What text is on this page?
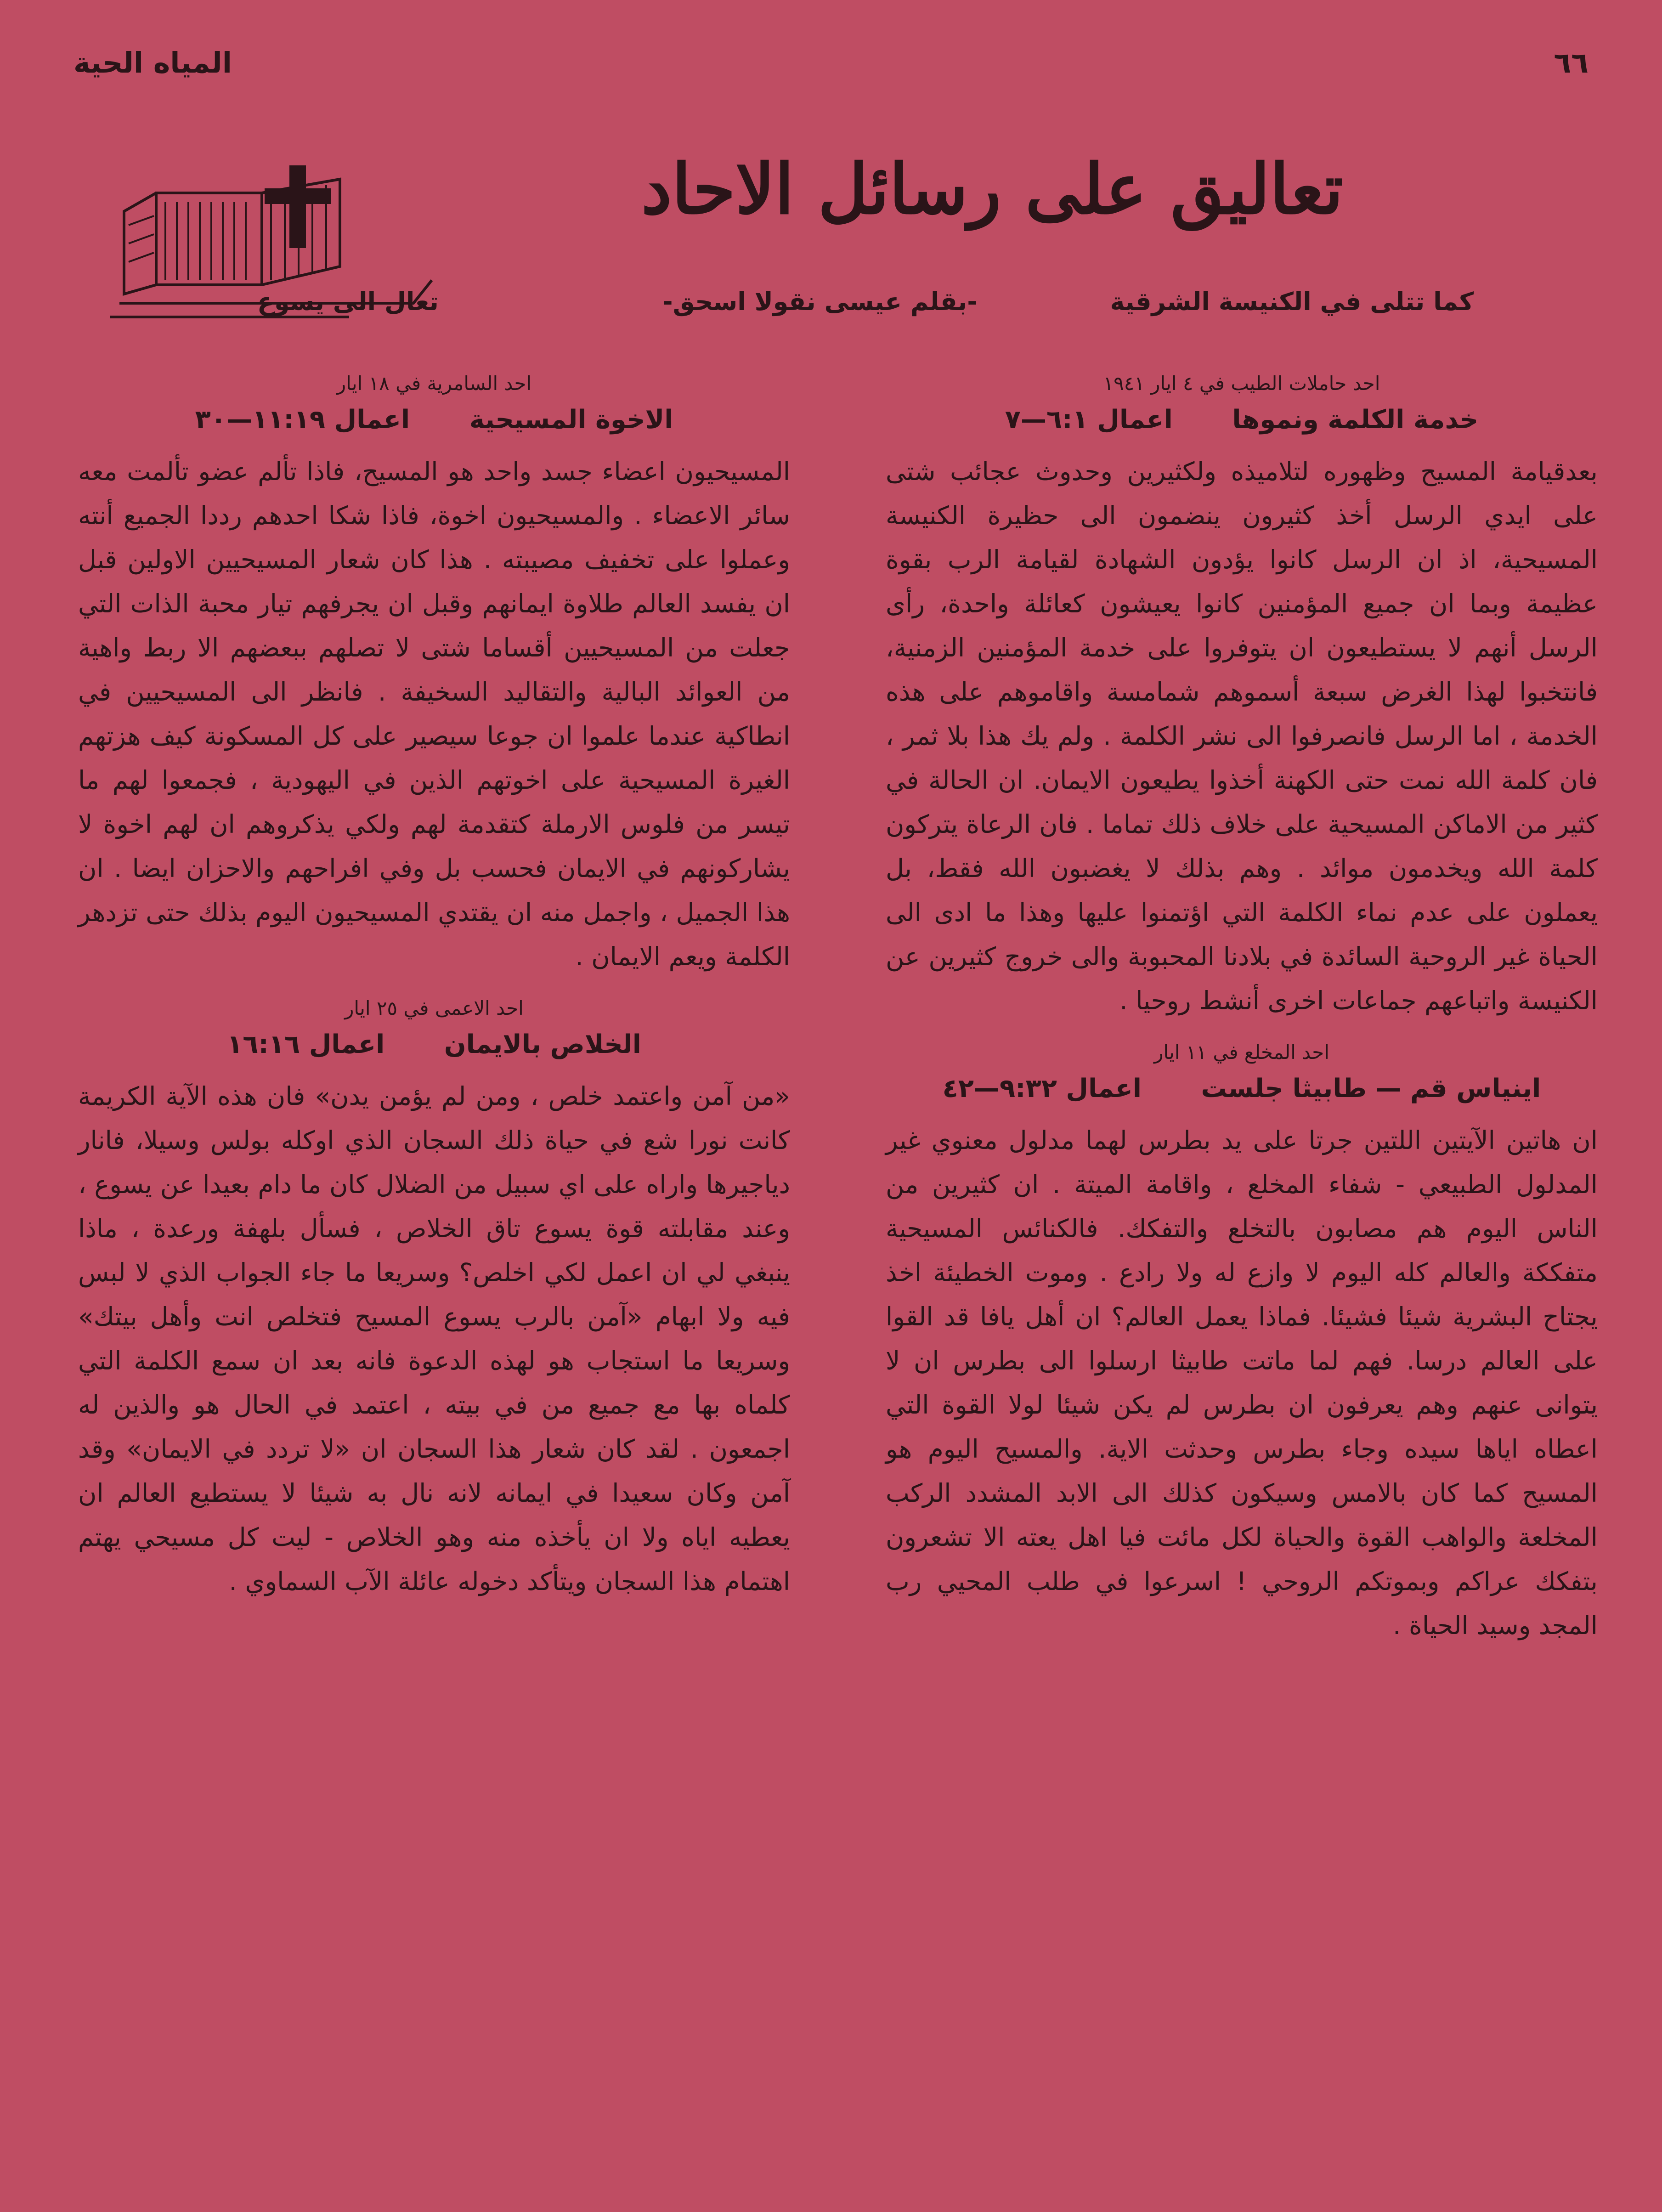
٦٦
المياه الحية
تعاليق على رسائل الاحاد
كما تتلى في الكنيسة الشرقية
-بقلم عيسى نقولا اسحق-
تعال الى يسوع
احد حاملات الطيب في ٤ ايار ١٩٤١
خدمة الكلمة ونموها اعمال ٦:١—٧

بعدقيامة المسيح وظهوره لتلاميذه ولكثيرين وحدوث عجائب شتى على ايدي الرسل أخذ كثيرون ينضمون الى حظيرة الكنيسة المسيحية، اذ ان الرسل كانوا يؤدون الشهادة لقيامة الرب بقوة عظيمة وبما ان جميع المؤمنين كانوا يعيشون كعائلة واحدة، رأى الرسل أنهم لا يستطيعون ان يتوفروا على خدمة المؤمنين الزمنية، فانتخبوا لهذا الغرض سبعة أسموهم شمامسة واقاموهم على هذه الخدمة ، اما الرسل فانصرفوا الى نشر الكلمة . ولم يك هذا بلا ثمر ، فان كلمة الله نمت حتى الكهنة أخذوا يطيعون الايمان. ان الحالة في كثير من الاماكن المسيحية على خلاف ذلك تماما . فان الرعاة يتركون كلمة الله ويخدمون موائد . وهم بذلك لا يغضبون الله فقط، بل يعملون على عدم نماء الكلمة التي اؤتمنوا عليها وهذا ما ادى الى الحياة غير الروحية السائدة في بلادنا المحبوبة والى خروج كثيرين عن الكنيسة واتباعهم جماعات اخرى أنشط روحيا .

احد المخلع في ١١ ايار
اينياس قم — طابيثا جلست اعمال ٩:٣٢—٤٢

ان هاتين الآيتين اللتين جرتا على يد بطرس لهما مدلول معنوي غير المدلول الطبيعي - شفاء المخلع ، واقامة الميتة . ان كثيرين من الناس اليوم هم مصابون بالتخلع والتفكك. فالكنائس المسيحية متفككة والعالم كله اليوم لا وازع له ولا رادع . وموت الخطيئة اخذ يجتاح البشرية شيئا فشيئا. فماذا يعمل العالم؟ ان أهل يافا قد القوا على العالم درسا. فهم لما ماتت طابيثا ارسلوا الى بطرس ان لا يتوانى عنهم وهم يعرفون ان بطرس لم يكن شيئا لولا القوة التي اعطاه اياها سيده وجاء بطرس وحدثت الاية. والمسيح اليوم هو المسيح كما كان بالامس وسيكون كذلك الى الابد المشدد الركب المخلعة والواهب القوة والحياة لكل مائت فيا اهل يعته الا تشعرون بتفكك عراكم وبموتكم الروحي ! اسرعوا في طلب المحيي رب المجد وسيد الحياة .

احد السامرية في ١٨ ايار
الاخوة المسيحية اعمال ١١:١٩—٣٠

المسيحيون اعضاء جسد واحد هو المسيح، فاذا تألم عضو تألمت معه سائر الاعضاء . والمسيحيون اخوة، فاذا شكا احدهم رددا الجميع أنته وعملوا على تخفيف مصيبته . هذا كان شعار المسيحيين الاولين قبل ان يفسد العالم طلاوة ايمانهم وقبل ان يجرفهم تيار محبة الذات التي جعلت من المسيحيين أقساما شتى لا تصلهم ببعضهم الا ربط واهية من العوائد البالية والتقاليد السخيفة . فانظر الى المسيحيين في انطاكية عندما علموا ان جوعا سيصير على كل المسكونة كيف هزتهم الغيرة المسيحية على اخوتهم الذين في اليهودية ، فجمعوا لهم ما تيسر من فلوس الارملة كتقدمة لهم ولكي يذكروهم ان لهم اخوة لا يشاركونهم في الايمان فحسب بل وفي افراحهم والاحزان ايضا . ان هذا الجميل ، واجمل منه ان يقتدي المسيحيون اليوم بذلك حتى تزدهر الكلمة ويعم الايمان .

احد الاعمى في ٢٥ ايار
الخلاص بالايمان اعمال ١٦:١٦

«من آمن واعتمد خلص ، ومن لم يؤمن يدن» فان هذه الآية الكريمة كانت نورا شع في حياة ذلك السجان الذي اوكله بولس وسيلا، فانار دياجيرها واراه على اي سبيل من الضلال كان ما دام بعيدا عن يسوع ، وعند مقابلته قوة يسوع تاق الخلاص ، فسأل بلهفة ورعدة ، ماذا ينبغي لي ان اعمل لكي اخلص؟ وسريعا ما جاء الجواب الذي لا لبس فيه ولا ابهام «آمن بالرب يسوع المسيح فتخلص انت وأهل بيتك» وسريعا ما استجاب هو لهذه الدعوة فانه بعد ان سمع الكلمة التي كلماه بها مع جميع من في بيته ، اعتمد في الحال هو والذين له اجمعون . لقد كان شعار هذا السجان ان «لا تردد في الايمان» وقد آمن وكان سعيدا في ايمانه لانه نال به شيئا لا يستطيع العالم ان يعطيه اياه ولا ان يأخذه منه وهو الخلاص - ليت كل مسيحي يهتم اهتمام هذا السجان ويتأكد دخوله عائلة الآب السماوي .
